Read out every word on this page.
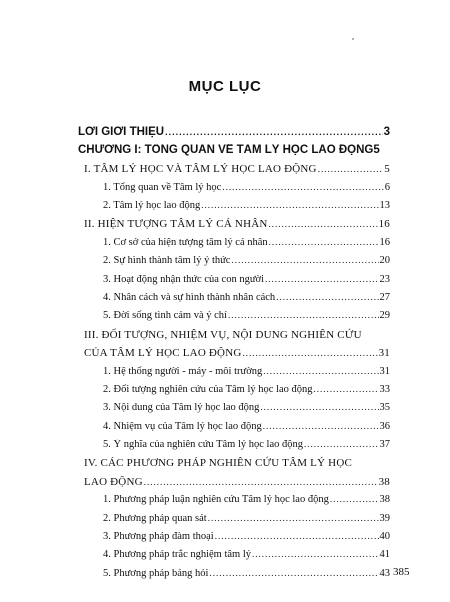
MỤC LỤC
LỜI GIỚI THIỆU .....	3
CHƯƠNG I: TỔNG QUAN VỀ TÂM LÝ HỌC LAO ĐỘNG 5
I. TÂM LÝ HỌC VÀ TÂM LÝ HỌC LAO ĐỘNG .....	5
1. Tổng quan về Tâm lý học .....	6
2. Tâm lý học lao động .....	13
II. HIỆN TƯỢNG TÂM LÝ CÁ NHÂN .....	16
1. Cơ sở của hiện tượng tâm lý cá nhân .....	16
2. Sự hình thành tâm lý ý thức .....	20
3. Hoạt động nhận thức của con người .....	23
4. Nhân cách và sự hình thành nhân cách .....	27
5. Đời sống tình cảm và ý chí .....	29
III. ĐỐI TƯỢNG, NHIỆM VỤ, NỘI DUNG NGHIÊN CỨU
CỦA TÂM LÝ HỌC LAO ĐỘNG .....	31
1. Hệ thống người - máy - môi trường .....	31
2. Đối tượng nghiên cứu của Tâm lý học lao động .....	33
3. Nội dung của Tâm lý học lao động .....	35
4. Nhiệm vụ của Tâm lý học lao động .....	36
5. Ý nghĩa của nghiên cứu Tâm lý học lao động .....	37
IV. CÁC PHƯƠNG PHÁP NGHIÊN CỨU TÂM LÝ HỌC
LAO ĐỘNG .....	38
1. Phương pháp luận nghiên cứu Tâm lý học lao động .....	38
2. Phương pháp quan sát .....	39
3. Phương pháp đàm thoại .....	40
4. Phương pháp trắc nghiệm tâm lý .....	41
5. Phương pháp bảng hỏi .....	43 385
